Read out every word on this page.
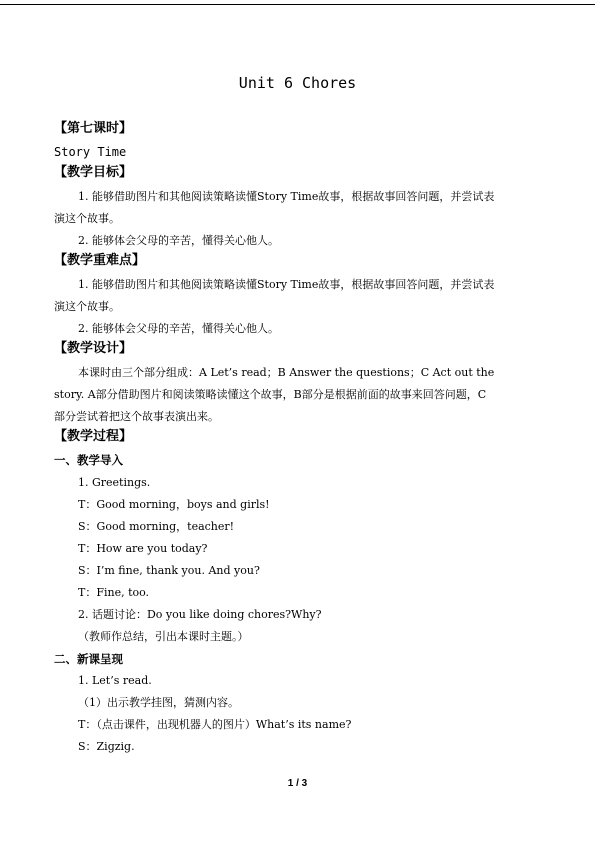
Unit 6 Chores
【第七课时】
Story Time
【教学目标】
1. 能够借助图片和其他阅读策略读懂Story Time故事，根据故事回答问题，并尝试表
演这个故事。
2. 能够体会父母的辛苦，懂得关心他人。
【教学重难点】
1. 能够借助图片和其他阅读策略读懂Story Time故事，根据故事回答问题，并尝试表
演这个故事。
2. 能够体会父母的辛苦，懂得关心他人。
【教学设计】
本课时由三个部分组成：A Let’s read；B Answer the questions；C Act out the
story. A部分借助图片和阅读策略读懂这个故事，B部分是根据前面的故事来回答问题，C
部分尝试着把这个故事表演出来。
【教学过程】
一、教学导入
1. Greetings.
T：Good morning，boys and girls!
S：Good morning，teacher!
T：How are you today?
S：I’m fine, thank you. And you?
T：Fine, too.
2. 话题讨论：Do you like doing chores?Why?
（教师作总结，引出本课时主题。）
二、新课呈现
1. Let’s read.
（1）出示教学挂图，猜测内容。
T：（点击课件，出现机器人的图片）What’s its name?
S：Zigzig.
1 / 3
